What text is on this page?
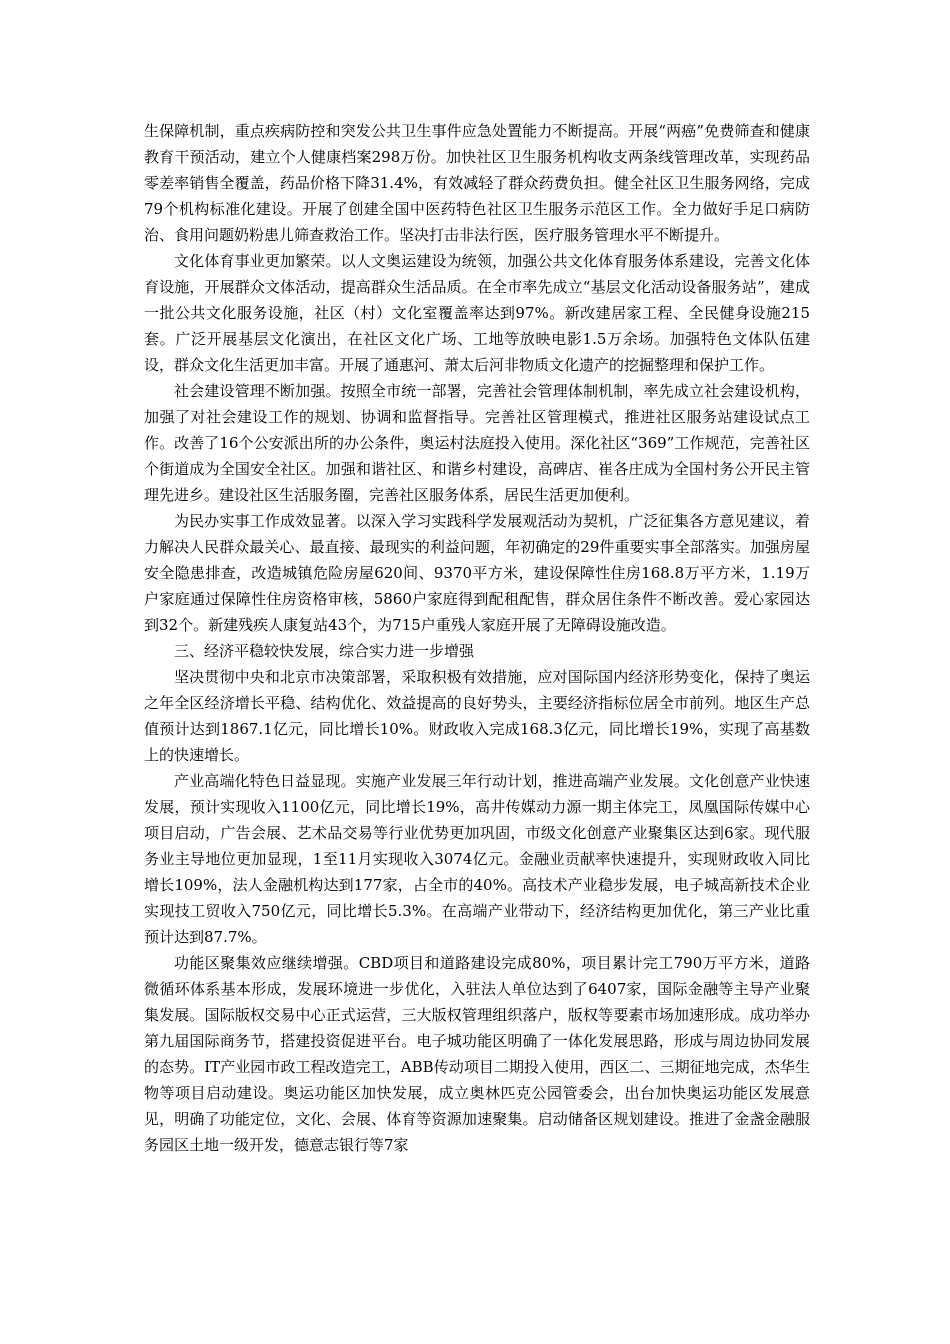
生保障机制，重点疾病防控和突发公共卫生事件应急处置能力不断提高。开展“两癌”免费筛查和健康教育干预活动，建立个人健康档案298万份。加快社区卫生服务机构收支两条线管理改革，实现药品零差率销售全覆盖，药品价格下降31.4%，有效减轻了群众药费负担。健全社区卫生服务网络，完成79个机构标准化建设。开展了创建全国中医药特色社区卫生服务示范区工作。全力做好手足口病防治、食用问题奶粉患儿筛查救治工作。坚决打击非法行医，医疗服务管理水平不断提升。

文化体育事业更加繁荣。以人文奥运建设为统领，加强公共文化体育服务体系建设，完善文化体育设施，开展群众文体活动，提高群众生活品质。在全市率先成立“基层文化活动设备服务站”，建成一批公共文化服务设施，社区（村）文化室覆盖率达到97%。新改建居家工程、全民健身设施215套。广泛开展基层文化演出，在社区文化广场、工地等放映电影1.5万余场。加强特色文体队伍建设，群众文化生活更加丰富。开展了通惠河、萧太后河非物质文化遗产的挖掘整理和保护工作。

社会建设管理不断加强。按照全市统一部署，完善社会管理体制机制，率先成立社会建设机构，加强了对社会建设工作的规划、协调和监督指导。完善社区管理模式，推进社区服务站建设试点工作。改善了16个公安派出所的办公条件，奥运村法庭投入使用。深化社区“369”工作规范，完善社区个街道成为全国安全社区。加强和谐社区、和谐乡村建设，高碑店、崔各庄成为全国村务公开民主管理先进乡。建设社区生活服务圈，完善社区服务体系，居民生活更加便利。

为民办实事工作成效显著。以深入学习实践科学发展观活动为契机，广泛征集各方意见建议，着力解决人民群众最关心、最直接、最现实的利益问题，年初确定的29件重要实事全部落实。加强房屋安全隐患排查，改造城镇危险房屋620间、9370平方米，建设保障性住房168.8万平方米，1.19万户家庭通过保障性住房资格审核，5860户家庭得到配租配售，群众居住条件不断改善。爱心家园达到32个。新建残疾人康复站43个，为715户重残人家庭开展了无障碍设施改造。

三、经济平稳较快发展，综合实力进一步增强

坚决贯彻中央和北京市决策部署，采取积极有效措施，应对国际国内经济形势变化，保持了奥运之年全区经济增长平稳、结构优化、效益提高的良好势头，主要经济指标位居全市前列。地区生产总值预计达到1867.1亿元，同比增长10%。财政收入完成168.3亿元，同比增长19%，实现了高基数上的快速增长。

产业高端化特色日益显现。实施产业发展三年行动计划，推进高端产业发展。文化创意产业快速发展，预计实现收入1100亿元，同比增长19%，高井传媒动力源一期主体完工，凤凰国际传媒中心项目启动，广告会展、艺术品交易等行业优势更加巩固，市级文化创意产业聚集区达到6家。现代服务业主导地位更加显现，1至11月实现收入3074亿元。金融业贡献率快速提升，实现财政收入同比增长109%，法人金融机构达到177家，占全市的40%。高技术产业稳步发展，电子城高新技术企业实现技工贸收入750亿元，同比增长5.3%。在高端产业带动下，经济结构更加优化，第三产业比重预计达到87.7%。

功能区聚集效应继续增强。CBD项目和道路建设完成80%，项目累计完工790万平方米，道路微循环体系基本形成，发展环境进一步优化，入驻法人单位达到了6407家，国际金融等主导产业聚集发展。国际版权交易中心正式运营，三大版权管理组织落户，版权等要素市场加速形成。成功举办第九届国际商务节，搭建投资促进平台。电子城功能区明确了一体化发展思路，形成与周边协同发展的态势。IT产业园市政工程改造完工，ABB传动项目二期投入使用，西区二、三期征地完成，杰华生物等项目启动建设。奥运功能区加快发展，成立奥林匹克公园管委会，出台加快奥运功能区发展意见，明确了功能定位，文化、会展、体育等资源加速聚集。启动储备区规划建设。推进了金盏金融服务园区土地一级开发，德意志银行等7家
